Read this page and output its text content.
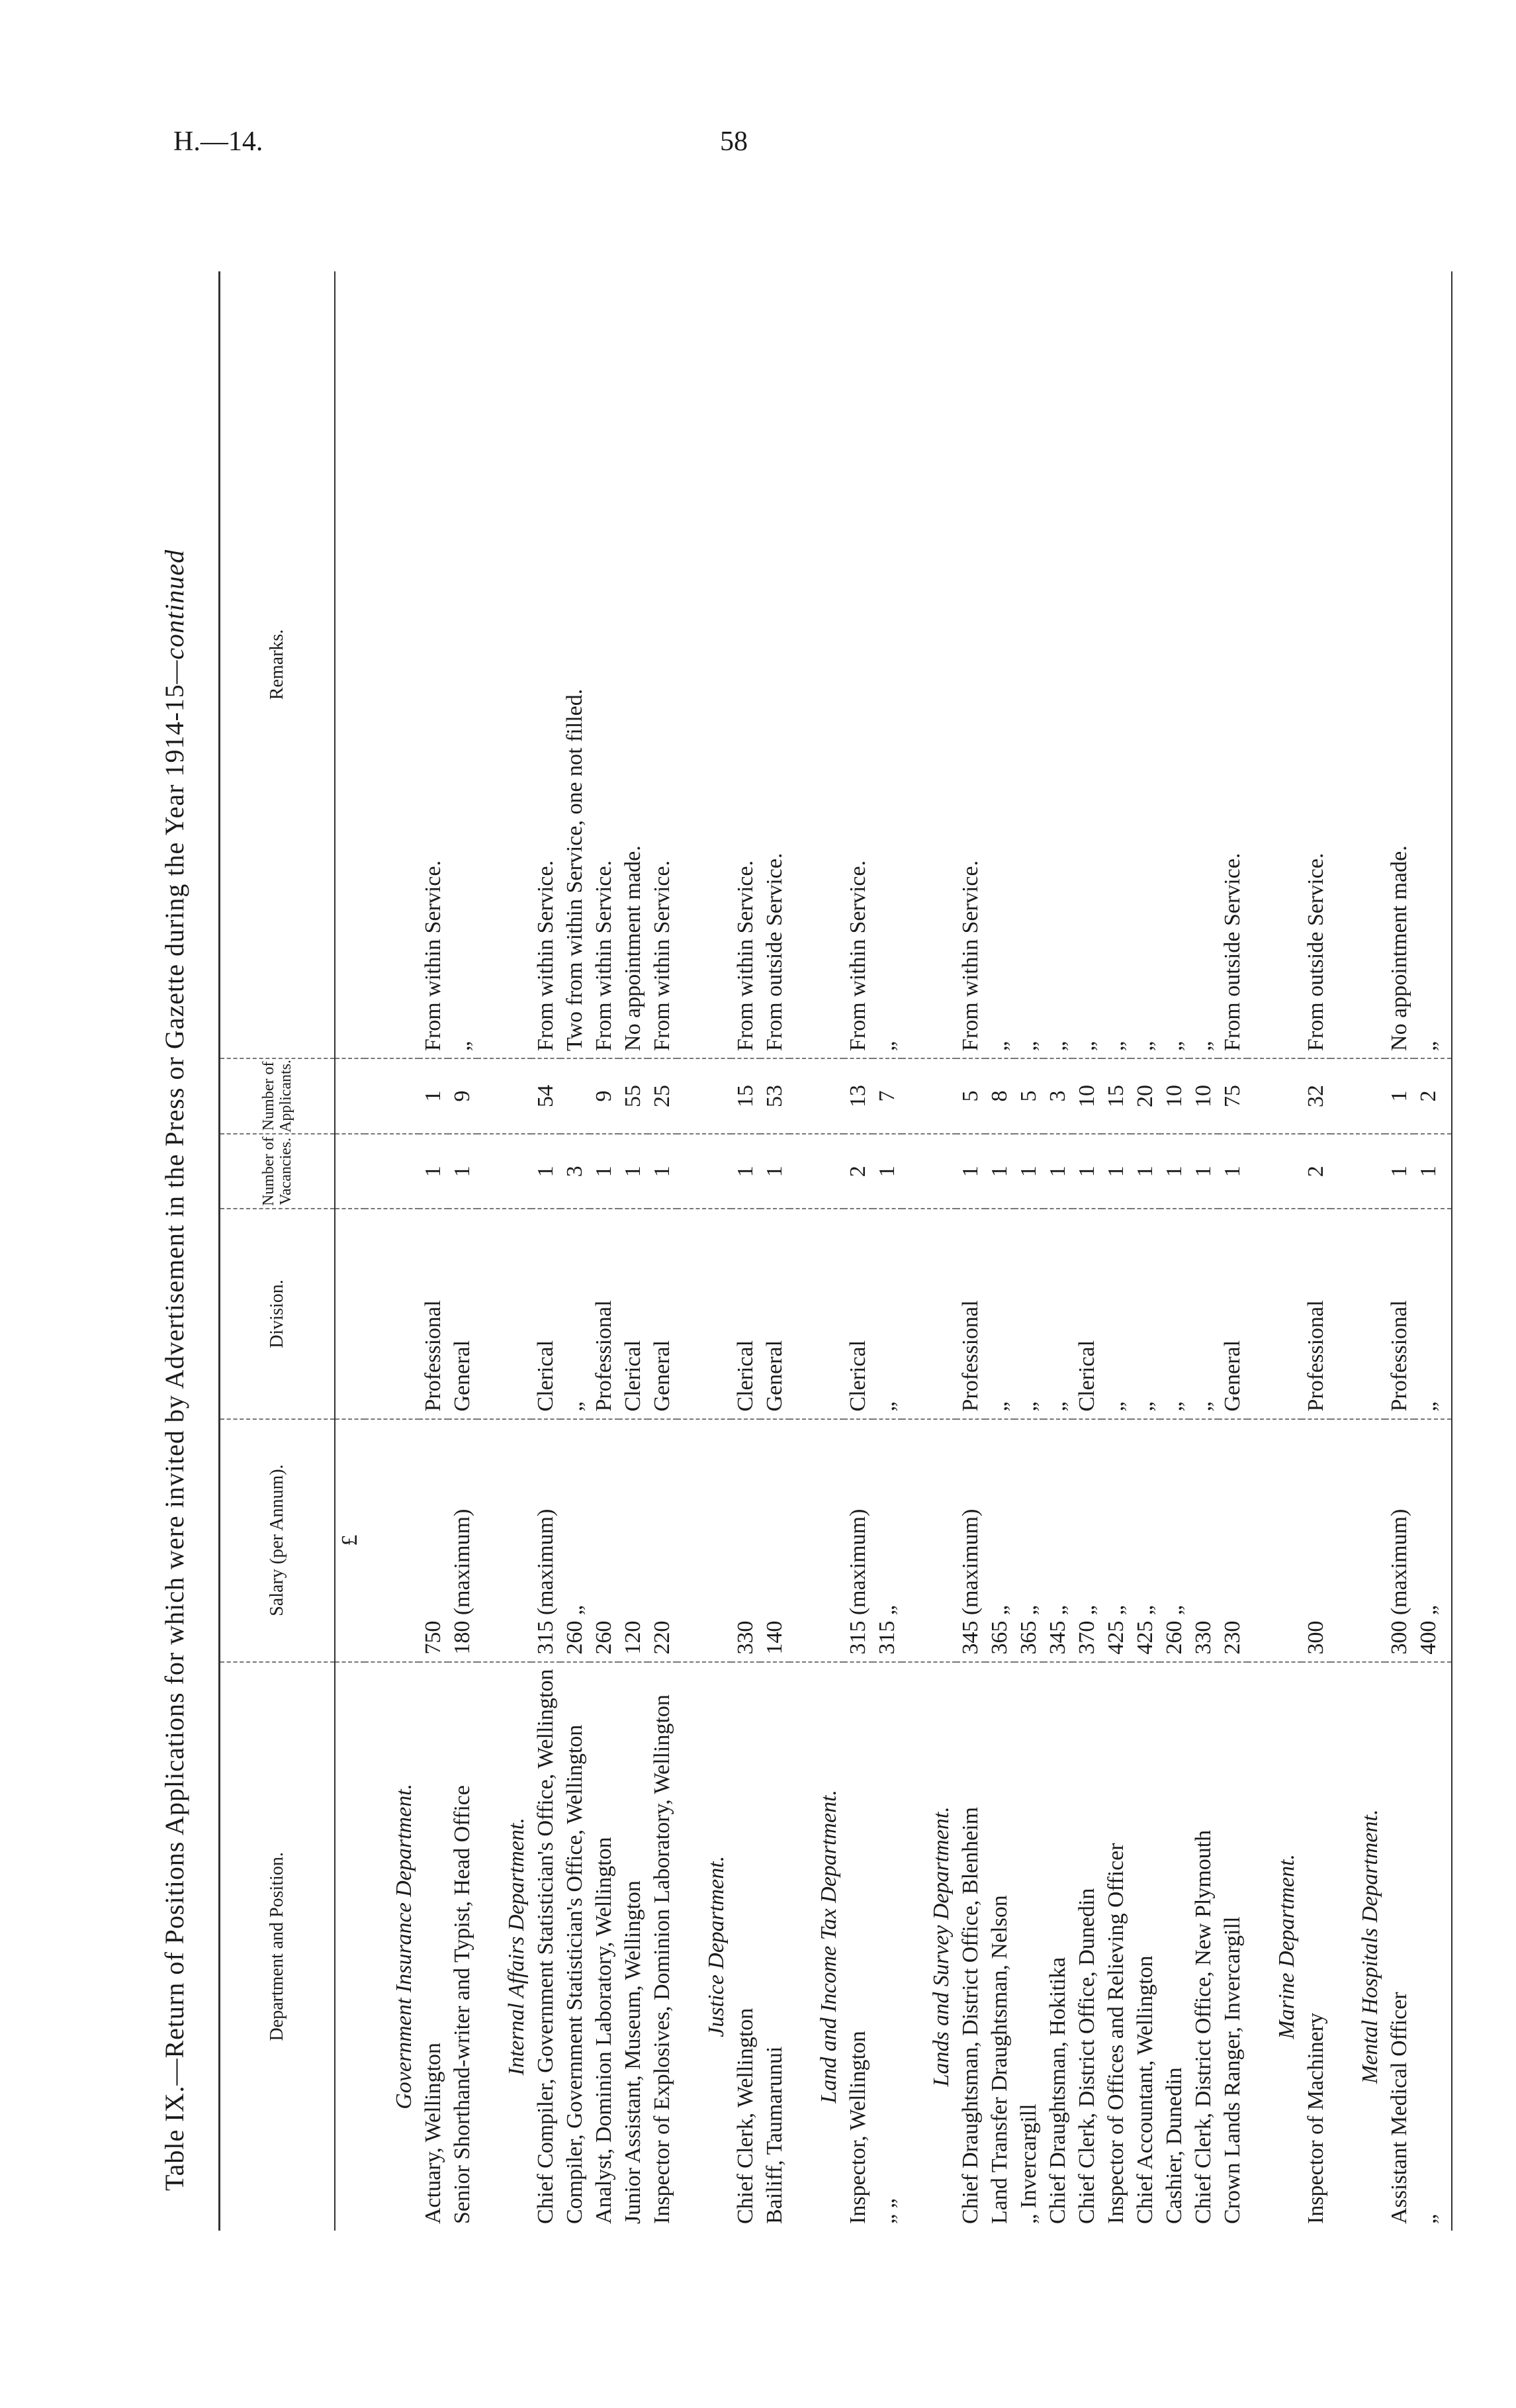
H.—14.	58
Table IX.—Return of Positions Applications for which were invited by Advertisement in the Press or Gazette during the Year 1914-15—continued
Department and Position.	Salary (per Annum).	Division.	Number of Vacancies.	Number of Applicants.	Remarks.
	£				
Government Insurance Department.					
Actuary, Wellington	750	Professional	1	1	From within Service.
Senior Shorthand-writer and Typist, Head Office	180 (maximum)	General	1	9	„
Internal Affairs Department.					
Chief Compiler, Government Statistician's Office, Wellington	315 (maximum)	Clerical	1	54	From within Service.
Compiler, Government Statistician's Office, Wellington	260 „	„	3		Two from within Service, one not filled.
Analyst, Dominion Laboratory, Wellington	260	Professional	1	9	From within Service.
Junior Assistant, Museum, Wellington	120	Clerical	1	55	No appointment made.
Inspector of Explosives, Dominion Laboratory, Wellington	220	General	1	25	From within Service.
Justice Department.					
Chief Clerk, Wellington	330	Clerical	1	15	From within Service.
Bailiff, Taumarunui	140	General	1	53	From outside Service.
Land and Income Tax Department.					
Inspector, Wellington	315 (maximum)	Clerical	2	13	From within Service.
„ „	315 „	„	1	7	„
Lands and Survey Department.					
Chief Draughtsman, District Office, Blenheim	345 (maximum)	Professional	1	5	From within Service.
Land Transfer Draughtsman, Nelson	365 „	„	1	8	„
„ Invercargill	365 „	„	1	5	„
Chief Draughtsman, Hokitika	345 „	„	1	3	„
Chief Clerk, District Office, Dunedin	370 „	Clerical	1	10	„
Inspector of Offices and Relieving Officer	425 „	„	1	15	„
Chief Accountant, Wellington	425 „	„	1	20	„
Cashier, Dunedin	260 „	„	1	10	„
Chief Clerk, District Office, New Plymouth	330	„	1	10	„
Crown Lands Ranger, Invercargill	230	General	1	75	From outside Service.
Marine Department.					
Inspector of Machinery	300	Professional	2	32	From outside Service.
Mental Hospitals Department.					
Assistant Medical Officer	300 (maximum)	Professional	1	1	No appointment made.
„	400 „	„	1	2	„
